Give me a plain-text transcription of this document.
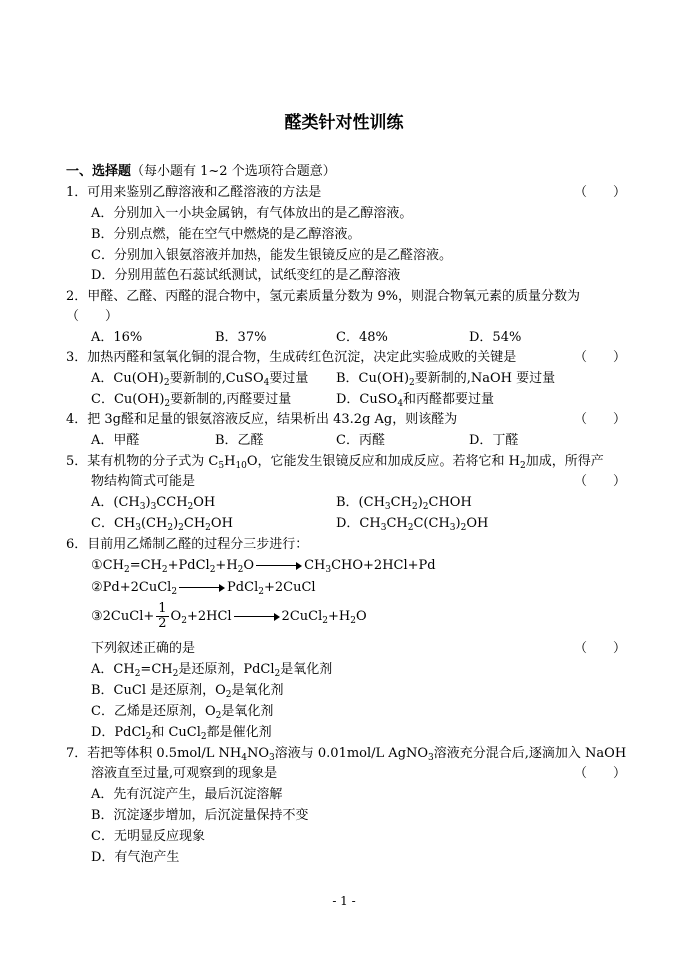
醛类针对性训练
一、选择题（每小题有 1~2 个选项符合题意）
1．可用来鉴别乙醇溶液和乙醛溶液的方法是	（　　）
A．分别加入一小块金属钠，有气体放出的是乙醇溶液。
B．分别点燃，能在空气中燃烧的是乙醇溶液。
C．分别加入银氨溶液并加热，能发生银镜反应的是乙醛溶液。
D．分别用蓝色石蕊试纸测试，试纸变红的是乙醇溶液
2．甲醛、乙醛、丙醛的混合物中，氢元素质量分数为 9%，则混合物氧元素的质量分数为
（　　）
A．16%	B．37%	C．48%	D．54%
3．加热丙醛和氢氧化铜的混合物，生成砖红色沉淀，决定此实验成败的关键是	（　　）
A．$Cu(OH)_2$要新制的,CuSO$_4$要过量 B．$Cu(OH)_2$要新制的,NaOH 要过量
C．$Cu(OH)_2$要新制的,丙醛要过量	D．CuSO$_4$和丙醛都要过量
4．把 3g醛和足量的银氨溶液反应，结果析出 43.2g Ag，则该醛为	（　　）
A．甲醛	B．乙醛	C．丙醛	D．丁醛
5．某有机物的分子式为 $C_5H_{10}O$，它能发生银镜反应和加成反应。若将它和 $H_2$加成，所得产
物结构简式可能是	（　　）
A．$(CH_3)_3CCH_2OH$	B．$(CH_3CH_2)_2CHOH$
C．$CH_3(CH_2)_2CH_2OH$	D．$CH_3CH_2C(CH_3)_2OH$
6．目前用乙烯制乙醛的过程分三步进行：
$①CH_2=CH_2+PdCl_2+H_2O$	$CH_3CHO+2HCl+Pd$
②Pd+2CuCl$_2$	PdCl$_2$+2CuCl
③2CuCl+ $\frac{1}{2} O_2+2HCl$	$2CuCl_2+H_2O$
下列叙述正确的是	（　　）
A．$CH_2=CH_2$是还原剂，PdCl$_2$是氧化剂
B．CuCl 是还原剂，$O_2$是氧化剂
C．乙烯是还原剂，$O_2$是氧化剂
D．PdCl$_2$和 CuCl$_2$都是催化剂
7．若把等体积 0.5mol/L $NH_4NO_3$溶液与 0.01mol/L AgNO$_3$溶液充分混合后,逐滴加入 NaOH
溶液直至过量,可观察到的现象是	（　　）
A．先有沉淀产生，最后沉淀溶解
B．沉淀逐步增加，后沉淀量保持不变
C．无明显反应现象
D．有气泡产生
- 1 -
